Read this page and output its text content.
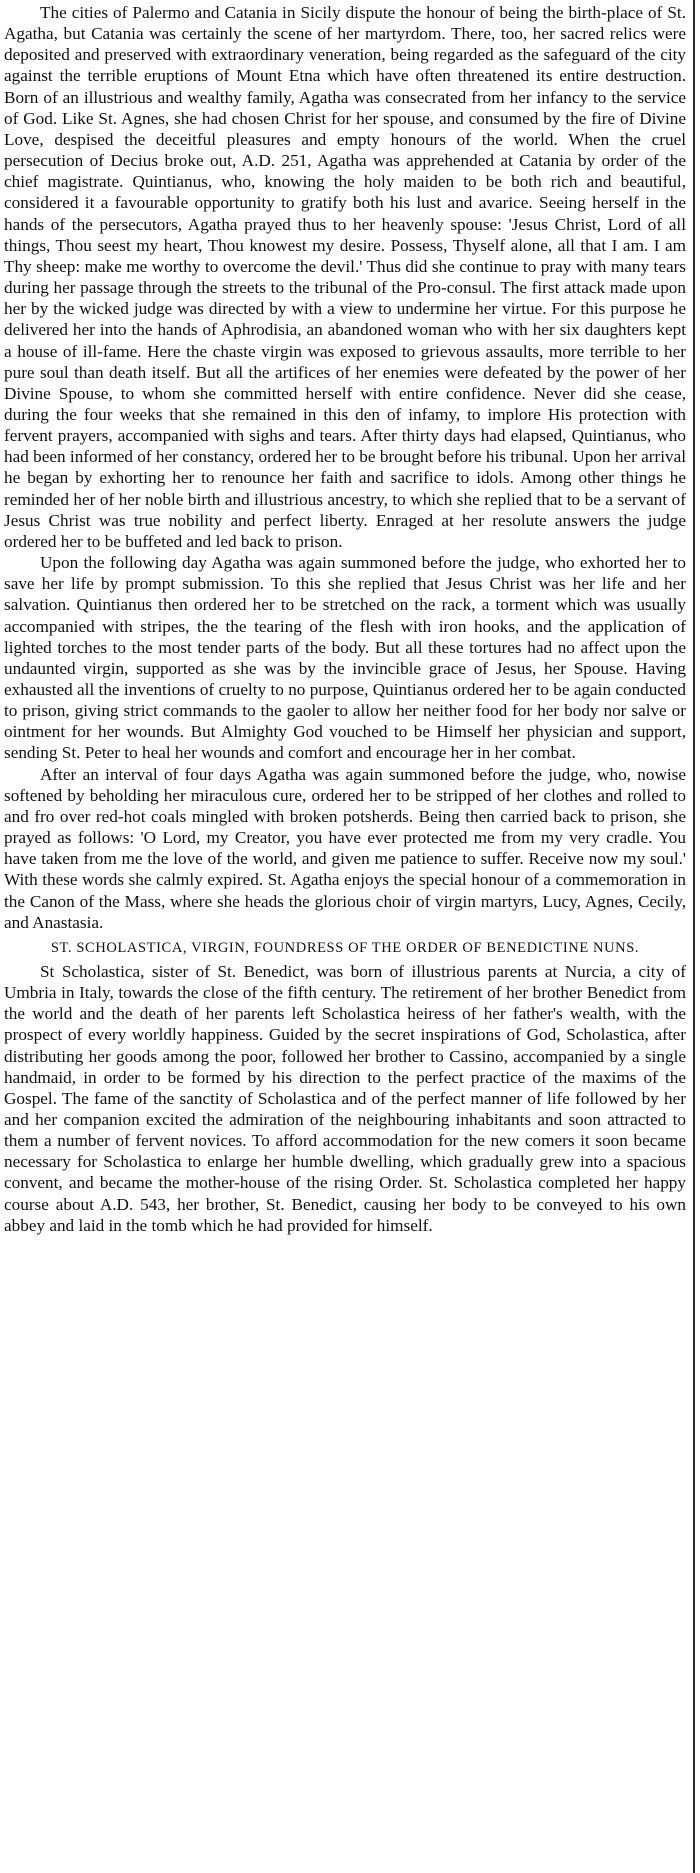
The cities of Palermo and Catania in Sicily dispute the honour of being the birth-place of St. Agatha, but Catania was certainly the scene of her martyrdom. There, too, her sacred relics were deposited and preserved with extraordinary veneration, being regarded as the safeguard of the city against the terrible eruptions of Mount Etna which have often threatened its entire destruction. Born of an illustrious and wealthy family, Agatha was consecrated from her infancy to the service of God. Like St. Agnes, she had chosen Christ for her spouse, and consumed by the fire of Divine Love, despised the deceitful pleasures and empty honours of the world. When the cruel persecution of Decius broke out, A.D. 251, Agatha was apprehended at Catania by order of the chief magistrate. Quintianus, who, knowing the holy maiden to be both rich and beautiful, considered it a favourable opportunity to gratify both his lust and avarice. Seeing herself in the hands of the persecutors, Agatha prayed thus to her heavenly spouse: 'Jesus Christ, Lord of all things, Thou seest my heart, Thou knowest my desire. Possess, Thyself alone, all that I am. I am Thy sheep: make me worthy to overcome the devil.' Thus did she continue to pray with many tears during her passage through the streets to the tribunal of the Pro-consul. The first attack made upon her by the wicked judge was directed by with a view to undermine her virtue. For this purpose he delivered her into the hands of Aphrodisia, an abandoned woman who with her six daughters kept a house of ill-fame. Here the chaste virgin was exposed to grievous assaults, more terrible to her pure soul than death itself. But all the artifices of her enemies were defeated by the power of her Divine Spouse, to whom she committed herself with entire confidence. Never did she cease, during the four weeks that she remained in this den of infamy, to implore His protection with fervent prayers, accompanied with sighs and tears. After thirty days had elapsed, Quintianus, who had been informed of her constancy, ordered her to be brought before his tribunal. Upon her arrival he began by exhorting her to renounce her faith and sacrifice to idols. Among other things he reminded her of her noble birth and illustrious ancestry, to which she replied that to be a servant of Jesus Christ was true nobility and perfect liberty. Enraged at her resolute answers the judge ordered her to be buffeted and led back to prison.

Upon the following day Agatha was again summoned before the judge, who exhorted her to save her life by prompt submission. To this she replied that Jesus Christ was her life and her salvation. Quintianus then ordered her to be stretched on the rack, a torment which was usually accompanied with stripes, the the tearing of the flesh with iron hooks, and the application of lighted torches to the most tender parts of the body. But all these tortures had no affect upon the undaunted virgin, supported as she was by the invincible grace of Jesus, her Spouse. Having exhausted all the inventions of cruelty to no purpose, Quintianus ordered her to be again conducted to prison, giving strict commands to the gaoler to allow her neither food for her body nor salve or ointment for her wounds. But Almighty God vouched to be Himself her physician and support, sending St. Peter to heal her wounds and comfort and encourage her in her combat.

After an interval of four days Agatha was again summoned before the judge, who, nowise softened by beholding her miraculous cure, ordered her to be stripped of her clothes and rolled to and fro over red-hot coals mingled with broken potsherds. Being then carried back to prison, she prayed as follows: 'O Lord, my Creator, you have ever protected me from my very cradle. You have taken from me the love of the world, and given me patience to suffer. Receive now my soul.' With these words she calmly expired. St. Agatha enjoys the special honour of a commemoration in the Canon of the Mass, where she heads the glorious choir of virgin martyrs, Lucy, Agnes, Cecily, and Anastasia.

ST. SCHOLASTICA, VIRGIN, FOUNDRESS OF THE ORDER OF BENEDICTINE NUNS.

St Scholastica, sister of St. Benedict, was born of illustrious parents at Nurcia, a city of Umbria in Italy, towards the close of the fifth century. The retirement of her brother Benedict from the world and the death of her parents left Scholastica heiress of her father's wealth, with the prospect of every worldly happiness. Guided by the secret inspirations of God, Scholastica, after distributing her goods among the poor, followed her brother to Cassino, accompanied by a single handmaid, in order to be formed by his direction to the perfect practice of the maxims of the Gospel. The fame of the sanctity of Scholastica and of the perfect manner of life followed by her and her companion excited the admiration of the neighbouring inhabitants and soon attracted to them a number of fervent novices. To afford accommodation for the new comers it soon became necessary for Scholastica to enlarge her humble dwelling, which gradually grew into a spacious convent, and became the mother-house of the rising Order. St. Scholastica completed her happy course about A.D. 543, her brother, St. Benedict, causing her body to be conveyed to his own abbey and laid in the tomb which he had provided for himself.
